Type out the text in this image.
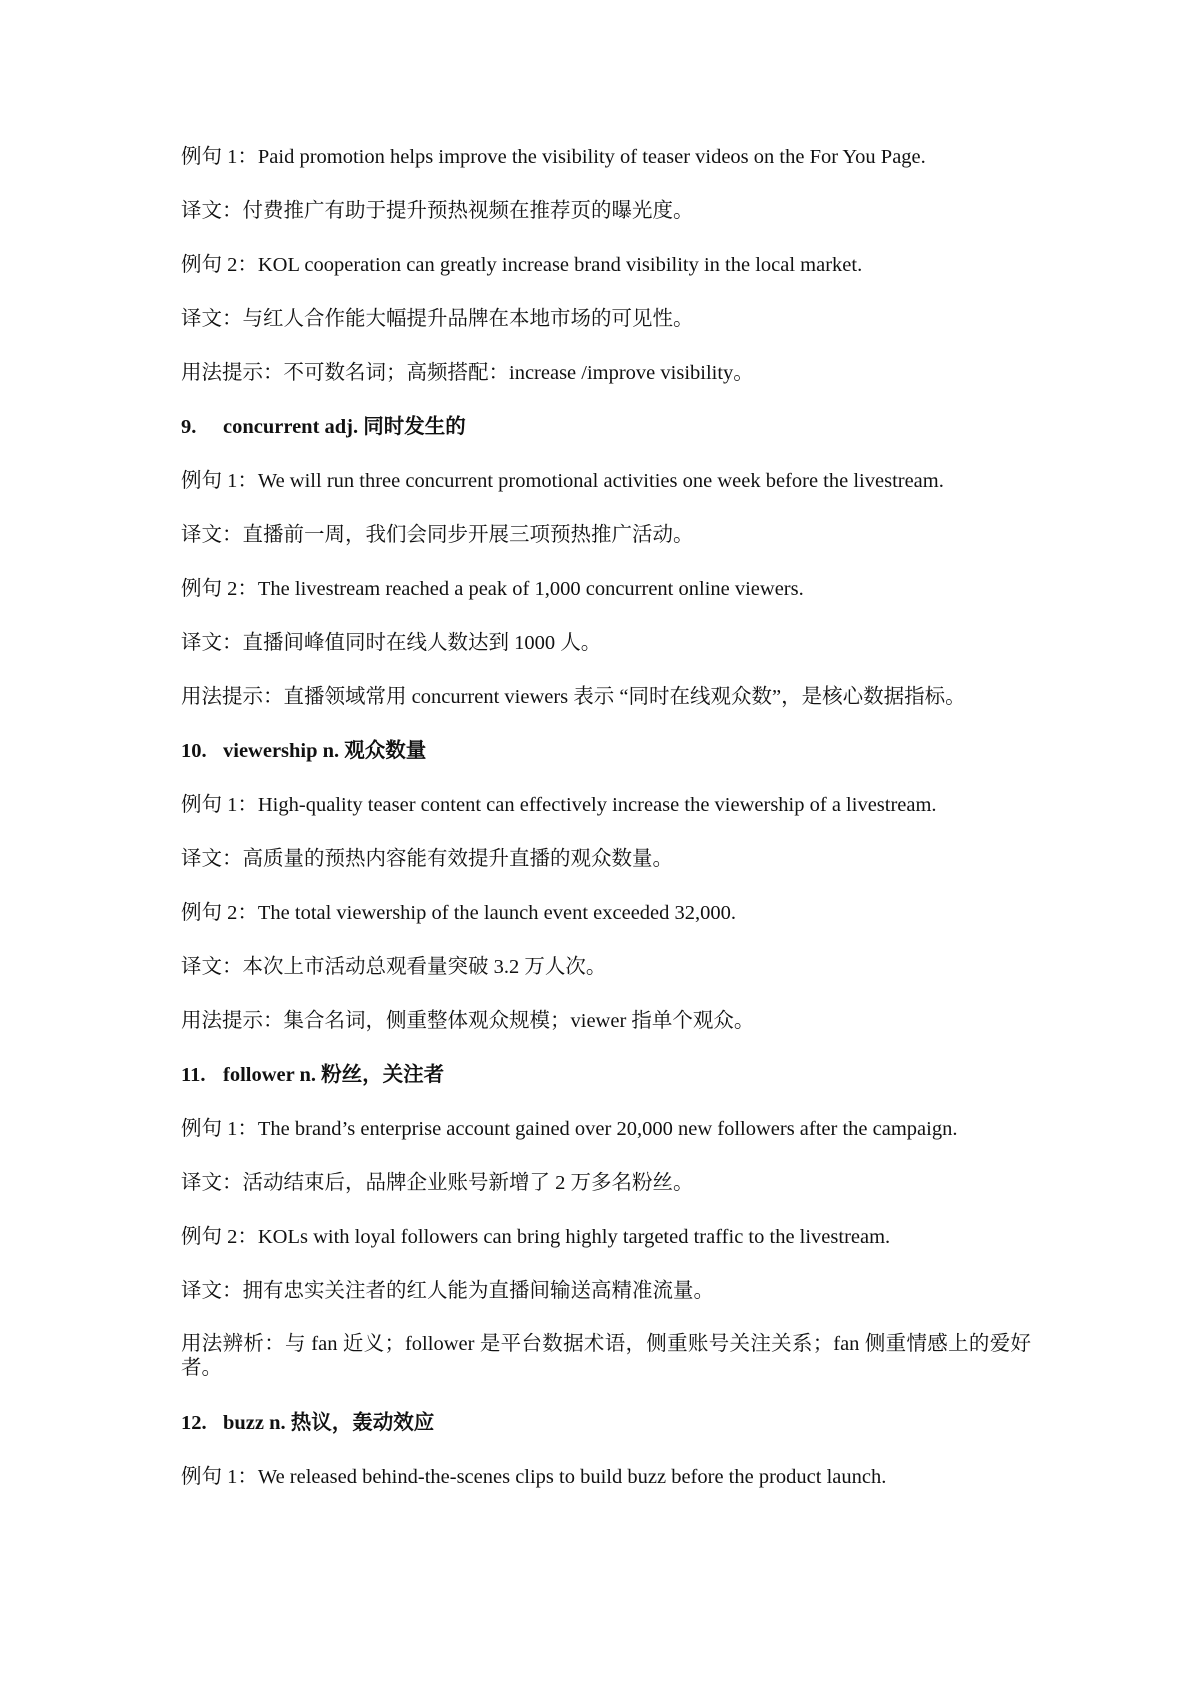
例句 1：Paid promotion helps improve the visibility of teaser videos on the For You Page.
译文：付费推广有助于提升预热视频在推荐页的曝光度。
例句 2：KOL cooperation can greatly increase brand visibility in the local market.
译文：与红人合作能大幅提升品牌在本地市场的可见性。
用法提示：不可数名词；高频搭配：increase /improve visibility。
9. concurrent adj. 同时发生的
例句 1：We will run three concurrent promotional activities one week before the livestream.
译文：直播前一周，我们会同步开展三项预热推广活动。
例句 2：The livestream reached a peak of 1,000 concurrent online viewers.
译文：直播间峰值同时在线人数达到 1000 人。
用法提示：直播领域常用 concurrent viewers 表示 “同时在线观众数”，是核心数据指标。
10. viewership n. 观众数量
例句 1：High-quality teaser content can effectively increase the viewership of a livestream.
译文：高质量的预热内容能有效提升直播的观众数量。
例句 2：The total viewership of the launch event exceeded 32,000.
译文：本次上市活动总观看量突破 3.2 万人次。
用法提示：集合名词，侧重整体观众规模；viewer 指单个观众。
11. follower n. 粉丝，关注者
例句 1：The brand’s enterprise account gained over 20,000 new followers after the campaign.
译文：活动结束后，品牌企业账号新增了 2 万多名粉丝。
例句 2：KOLs with loyal followers can bring highly targeted traffic to the livestream.
译文：拥有忠实关注者的红人能为直播间输送高精准流量。
用法辨析：与 fan 近义；follower 是平台数据术语，侧重账号关注关系；fan 侧重情感上的爱好者。
12. buzz n. 热议，轰动效应
例句 1：We released behind-the-scenes clips to build buzz before the product launch.
